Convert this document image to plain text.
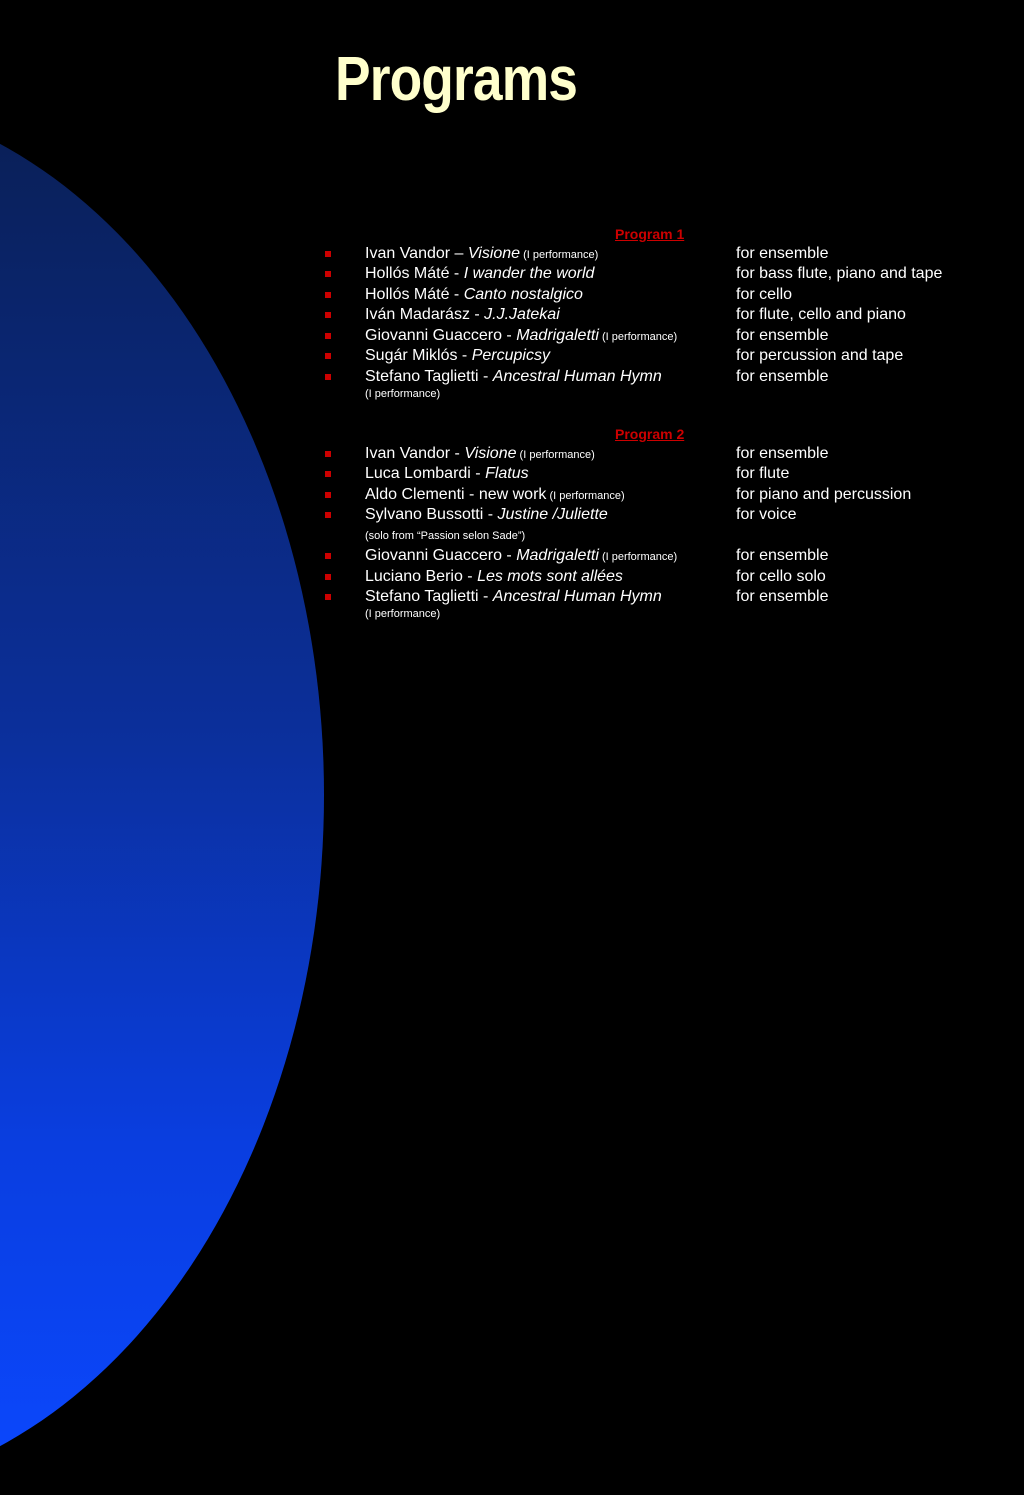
Programs
Program 1
Ivan Vandor – Visione (I performance)	for ensemble
Hollós Máté - I wander the world	for bass flute, piano and tape
Hollós Máté - Canto nostalgico	for cello
Iván Madarász - J.J.Jatekai	for flute, cello and piano
Giovanni Guaccero - Madrigaletti (I performance)	for ensemble
Sugár Miklós - Percupicsy	for percussion and tape
Stefano Taglietti - Ancestral Human Hymn	for ensemble
(I performance)
Program 2
Ivan Vandor - Visione (I performance)	for ensemble
Luca Lombardi - Flatus	for flute
Aldo Clementi - new work (I performance)	for piano and percussion
Sylvano Bussotti - Justine /Juliette	for voice
(solo from “Passion selon Sade”)
Giovanni Guaccero - Madrigaletti (I performance)	for ensemble
Luciano Berio - Les mots sont allées	for cello solo
Stefano Taglietti - Ancestral Human Hymn	for ensemble
(I performance)
